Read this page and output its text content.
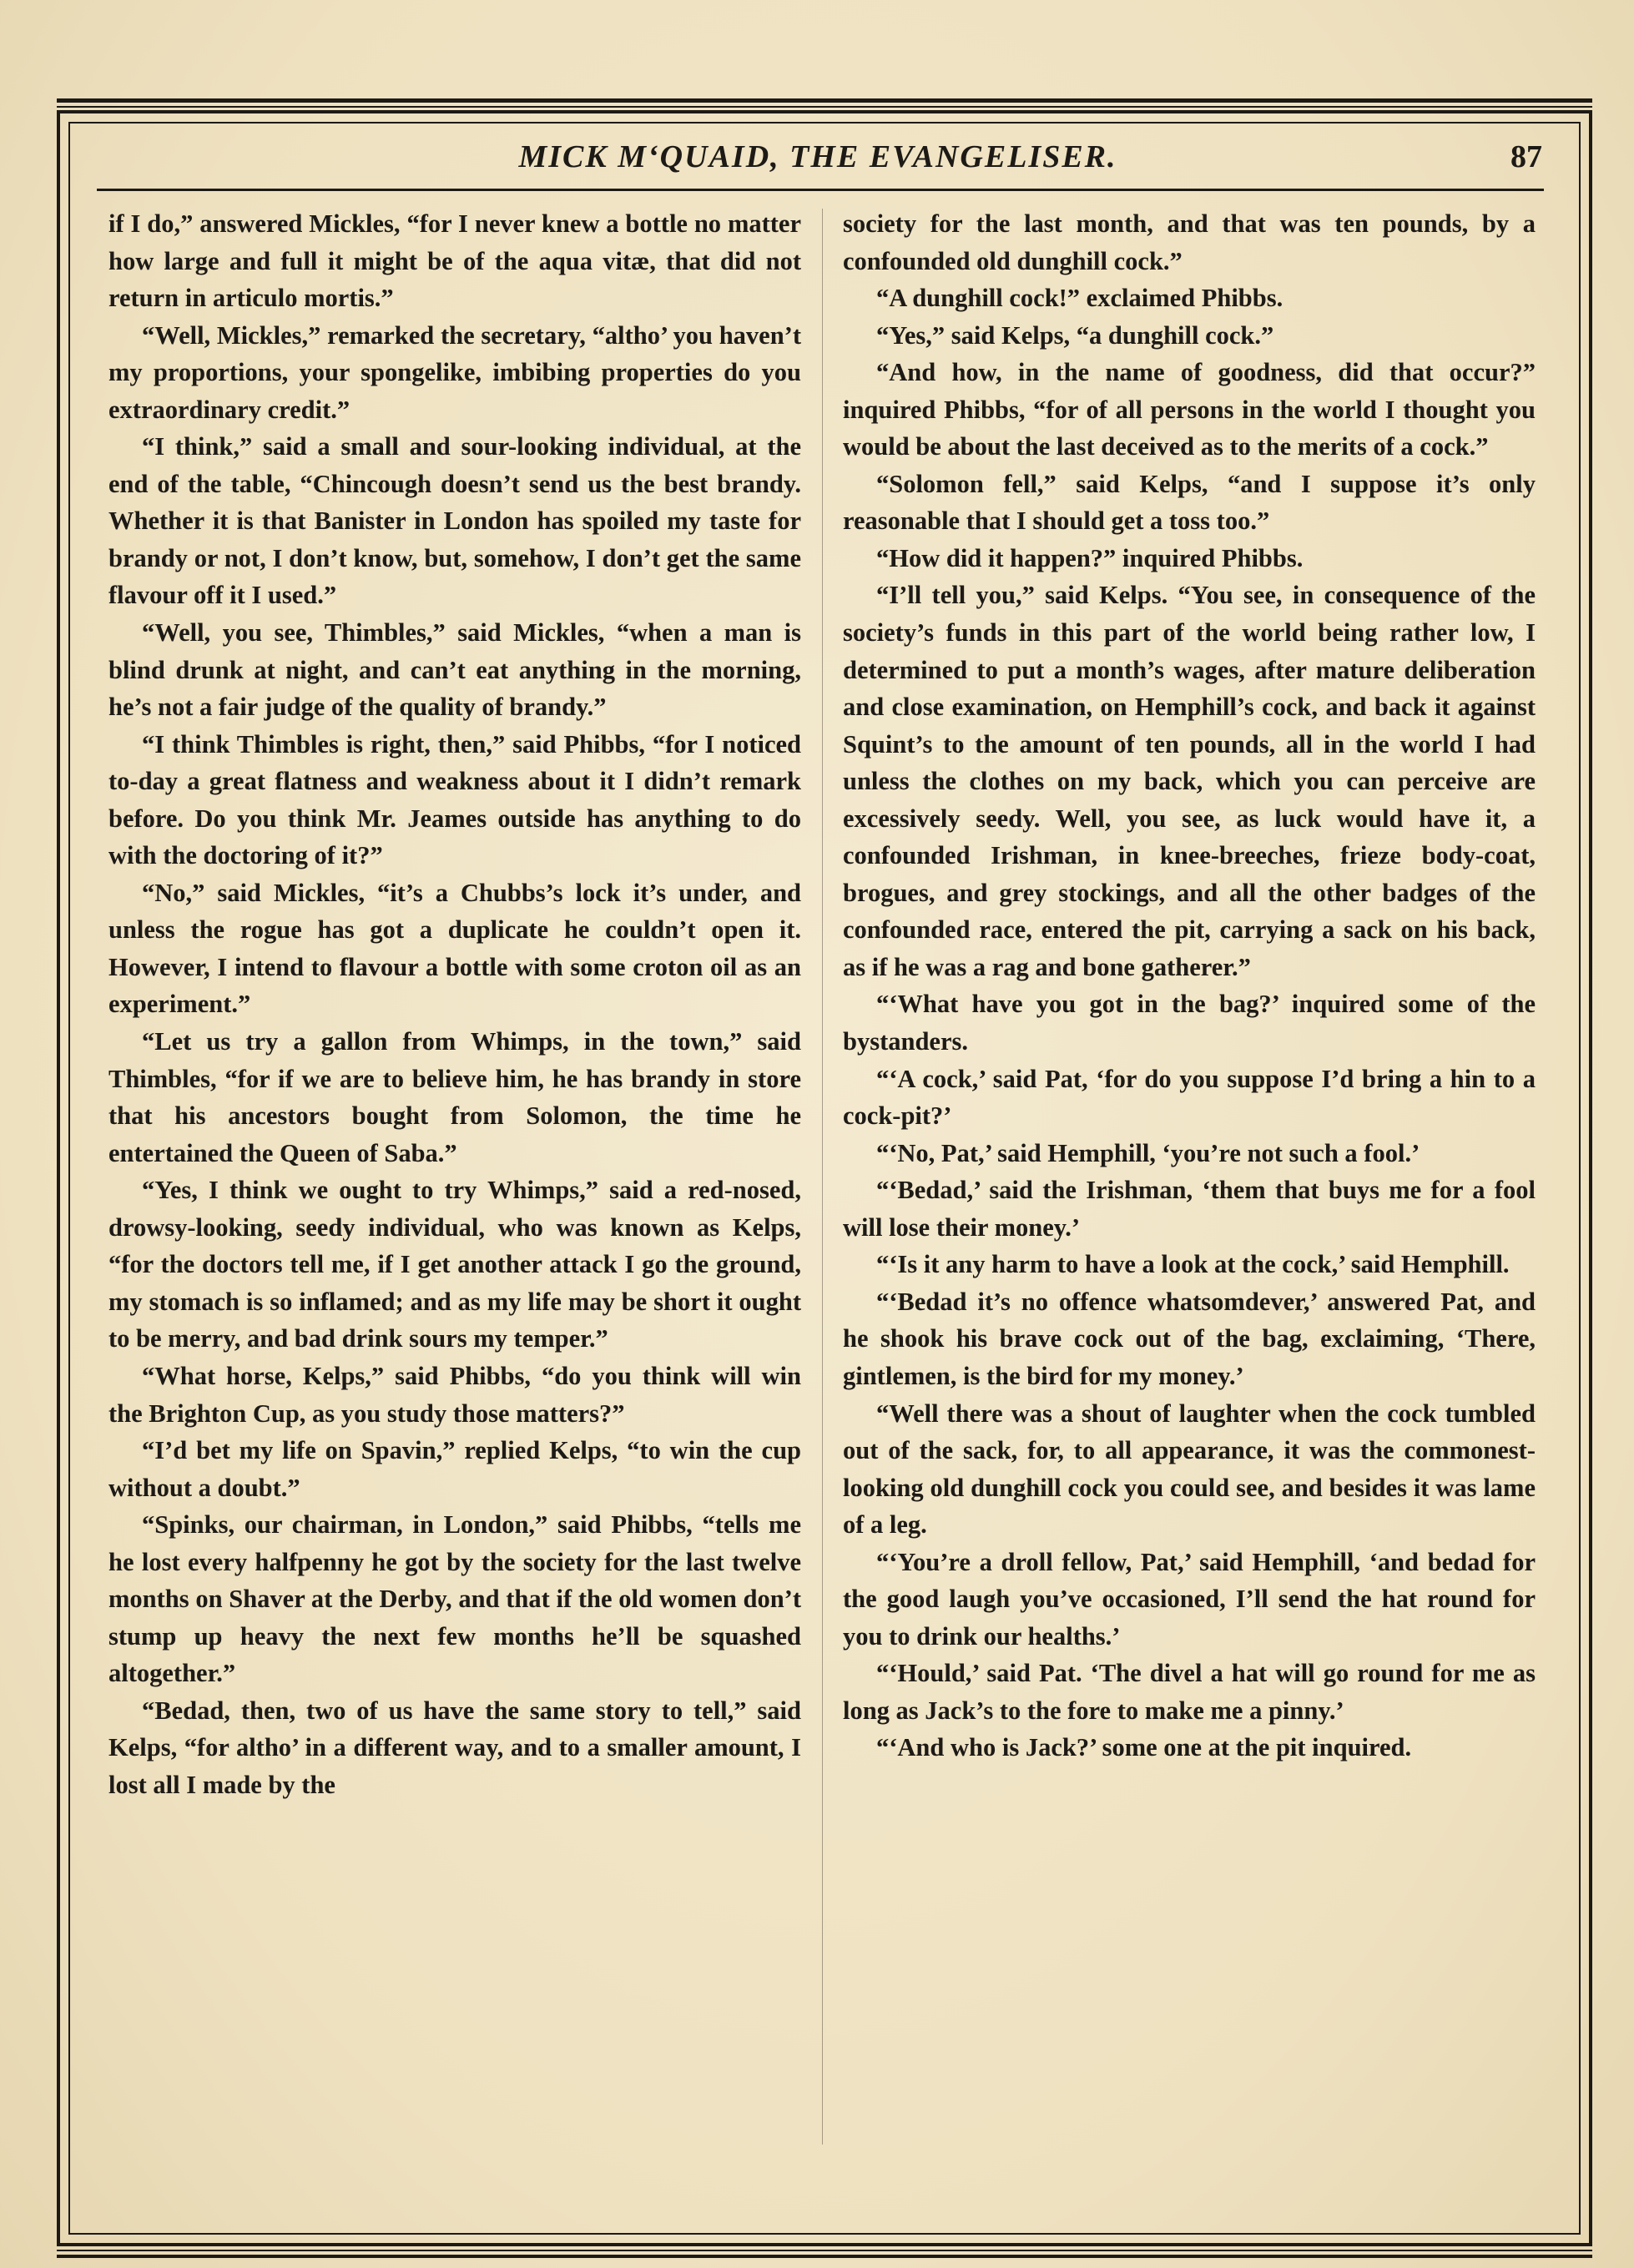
MICK M‘QUAID, THE EVANGELISER.	87

if I do,” answered Mickles, “for I never knew a bottle no matter how large and full it might be of the aqua vitæ, that did not return in articulo mortis.”

“Well, Mickles,” remarked the secretary, “altho’ you haven’t my proportions, your spongelike, imbibing properties do you extraordinary credit.”

“I think,” said a small and sour-looking individual, at the end of the table, “Chincough doesn’t send us the best brandy. Whether it is that Banister in London has spoiled my taste for brandy or not, I don’t know, but, somehow, I don’t get the same flavour off it I used.”

“Well, you see, Thimbles,” said Mickles, “when a man is blind drunk at night, and can’t eat anything in the morning, he’s not a fair judge of the quality of brandy.”

“I think Thimbles is right, then,” said Phibbs, “for I noticed to-day a great flatness and weakness about it I didn’t remark before. Do you think Mr. Jeames outside has anything to do with the doctoring of it?”

“No,” said Mickles, “it’s a Chubbs’s lock it’s under, and unless the rogue has got a duplicate he couldn’t open it. However, I intend to flavour a bottle with some croton oil as an experiment.”

“Let us try a gallon from Whimps, in the town,” said Thimbles, “for if we are to believe him, he has brandy in store that his ancestors bought from Solomon, the time he entertained the Queen of Saba.”

“Yes, I think we ought to try Whimps,” said a red-nosed, drowsy-looking, seedy individual, who was known as Kelps, “for the doctors tell me, if I get another attack I go the ground, my stomach is so inflamed; and as my life may be short it ought to be merry, and bad drink sours my temper.”

“What horse, Kelps,” said Phibbs, “do you think will win the Brighton Cup, as you study those matters?”

“I’d bet my life on Spavin,” replied Kelps, “to win the cup without a doubt.”

“Spinks, our chairman, in London,” said Phibbs, “tells me he lost every halfpenny he got by the society for the last twelve months on Shaver at the Derby, and that if the old women don’t stump up heavy the next few months he’ll be squashed altogether.”

“Bedad, then, two of us have the same story to tell,” said Kelps, “for altho’ in a different way, and to a smaller amount, I lost all I made by the

society for the last month, and that was ten pounds, by a confounded old dunghill cock.”

“A dunghill cock!” exclaimed Phibbs.

“Yes,” said Kelps, “a dunghill cock.”

“And how, in the name of goodness, did that occur?” inquired Phibbs, “for of all persons in the world I thought you would be about the last deceived as to the merits of a cock.”

“Solomon fell,” said Kelps, “and I suppose it’s only reasonable that I should get a toss too.”

“How did it happen?” inquired Phibbs.

“I’ll tell you,” said Kelps. “You see, in consequence of the society’s funds in this part of the world being rather low, I determined to put a month’s wages, after mature deliberation and close examination, on Hemphill’s cock, and back it against Squint’s to the amount of ten pounds, all in the world I had unless the clothes on my back, which you can perceive are excessively seedy. Well, you see, as luck would have it, a confounded Irishman, in knee-breeches, frieze body-coat, brogues, and grey stockings, and all the other badges of the confounded race, entered the pit, carrying a sack on his back, as if he was a rag and bone gatherer.”

“‘What have you got in the bag?’ inquired some of the bystanders.

“‘A cock,’ said Pat, ‘for do you suppose I’d bring a hin to a cock-pit?’

“‘No, Pat,’ said Hemphill, ‘you’re not such a fool.’

“‘Bedad,’ said the Irishman, ‘them that buys me for a fool will lose their money.’

“‘Is it any harm to have a look at the cock,’ said Hemphill.

“‘Bedad it’s no offence whatsomdever,’ answered Pat, and he shook his brave cock out of the bag, exclaiming, ‘There, gintlemen, is the bird for my money.’

“Well there was a shout of laughter when the cock tumbled out of the sack, for, to all appearance, it was the commonest-looking old dunghill cock you could see, and besides it was lame of a leg.

“‘You’re a droll fellow, Pat,’ said Hemphill, ‘and bedad for the good laugh you’ve occasioned, I’ll send the hat round for you to drink our healths.’

“‘Hould,’ said Pat. ‘The divel a hat will go round for me as long as Jack’s to the fore to make me a pinny.’

“‘And who is Jack?’ some one at the pit inquired.
